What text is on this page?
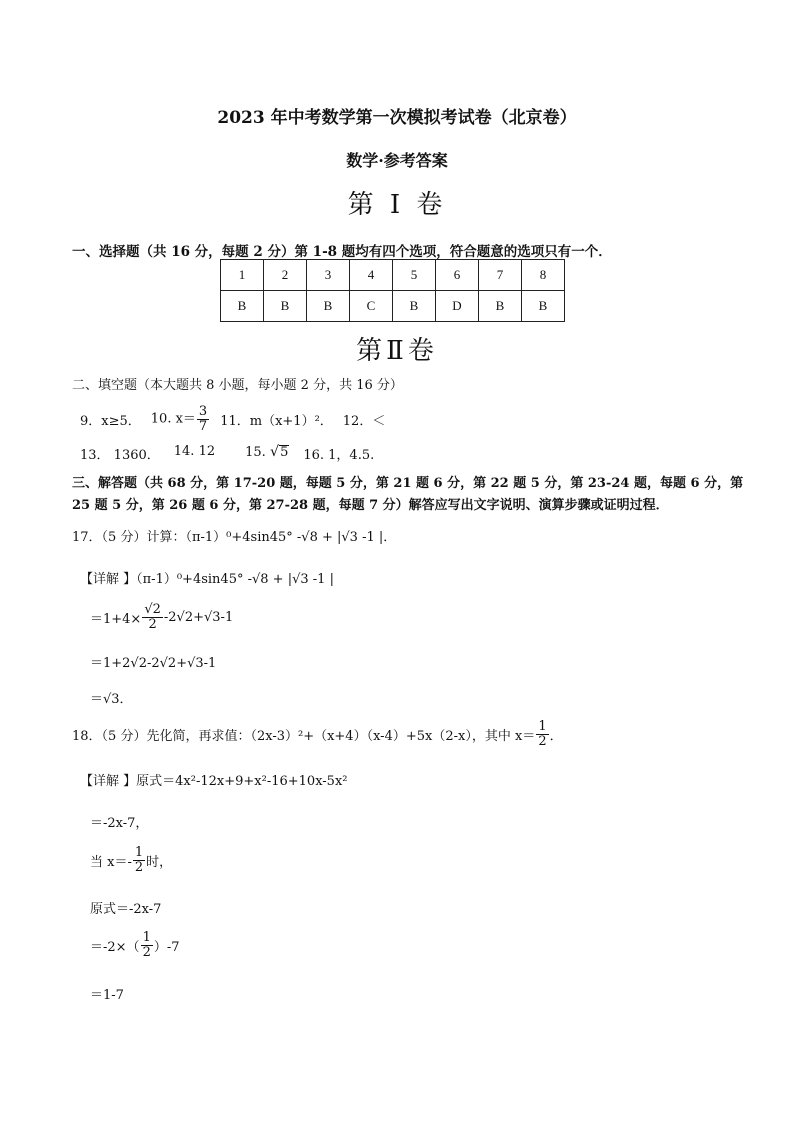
2023 年中考数学第一次模拟考试卷（北京卷）
数学·参考答案
第 I 卷
一、选择题（共 16 分，每题 2 分）第 1-8 题均有四个选项，符合题意的选项只有一个．
1	2	3	4	5	6	7	8
B	B	B	C	B	D	B	B
第Ⅱ卷
二、填空题（本大题共 8 小题，每小题 2 分，共 16 分）
9．x≥5． 10. $x= \frac{3}{7} 11$．m（x+1）²． 12．＜
13． 1360． 14. 12 15. √5 16. 1，4.5.
三、解答题（共 68 分，第 17-20 题，每题 5 分，第 21 题 6 分，第 22 题 5 分，第 23-24 题，每题 6 分，第
25 题 5 分，第 26 题 6 分，第 27-28 题，每题 7 分）解答应写出文字说明、演算步骤或证明过程．
17．（5 分）计算：（π-1）⁰+4sin45° -√8 + |√3 -1 |．
【详解 】（π-1）⁰+4sin45° -√8 + |√3 -1 |
$=1+4\times \frac{√2}{2} -2√2+√3-1$
＝1+2√2-2√2+√3-1
＝√3．
18．（5 分）先化简，再求值：（2x-3）²+（x+4）（x-4）+5x（2-x），其中 $x= \frac{1}{2}$ ．
【详解 】原式＝4x²-12x+9+x²-16+10x-5x²
＝-2x-7，
当 $x=- \frac{1}{2}$ 时，
原式＝-2x-7
$=-2\times( \frac{1}{2} )-7$
＝1-7
